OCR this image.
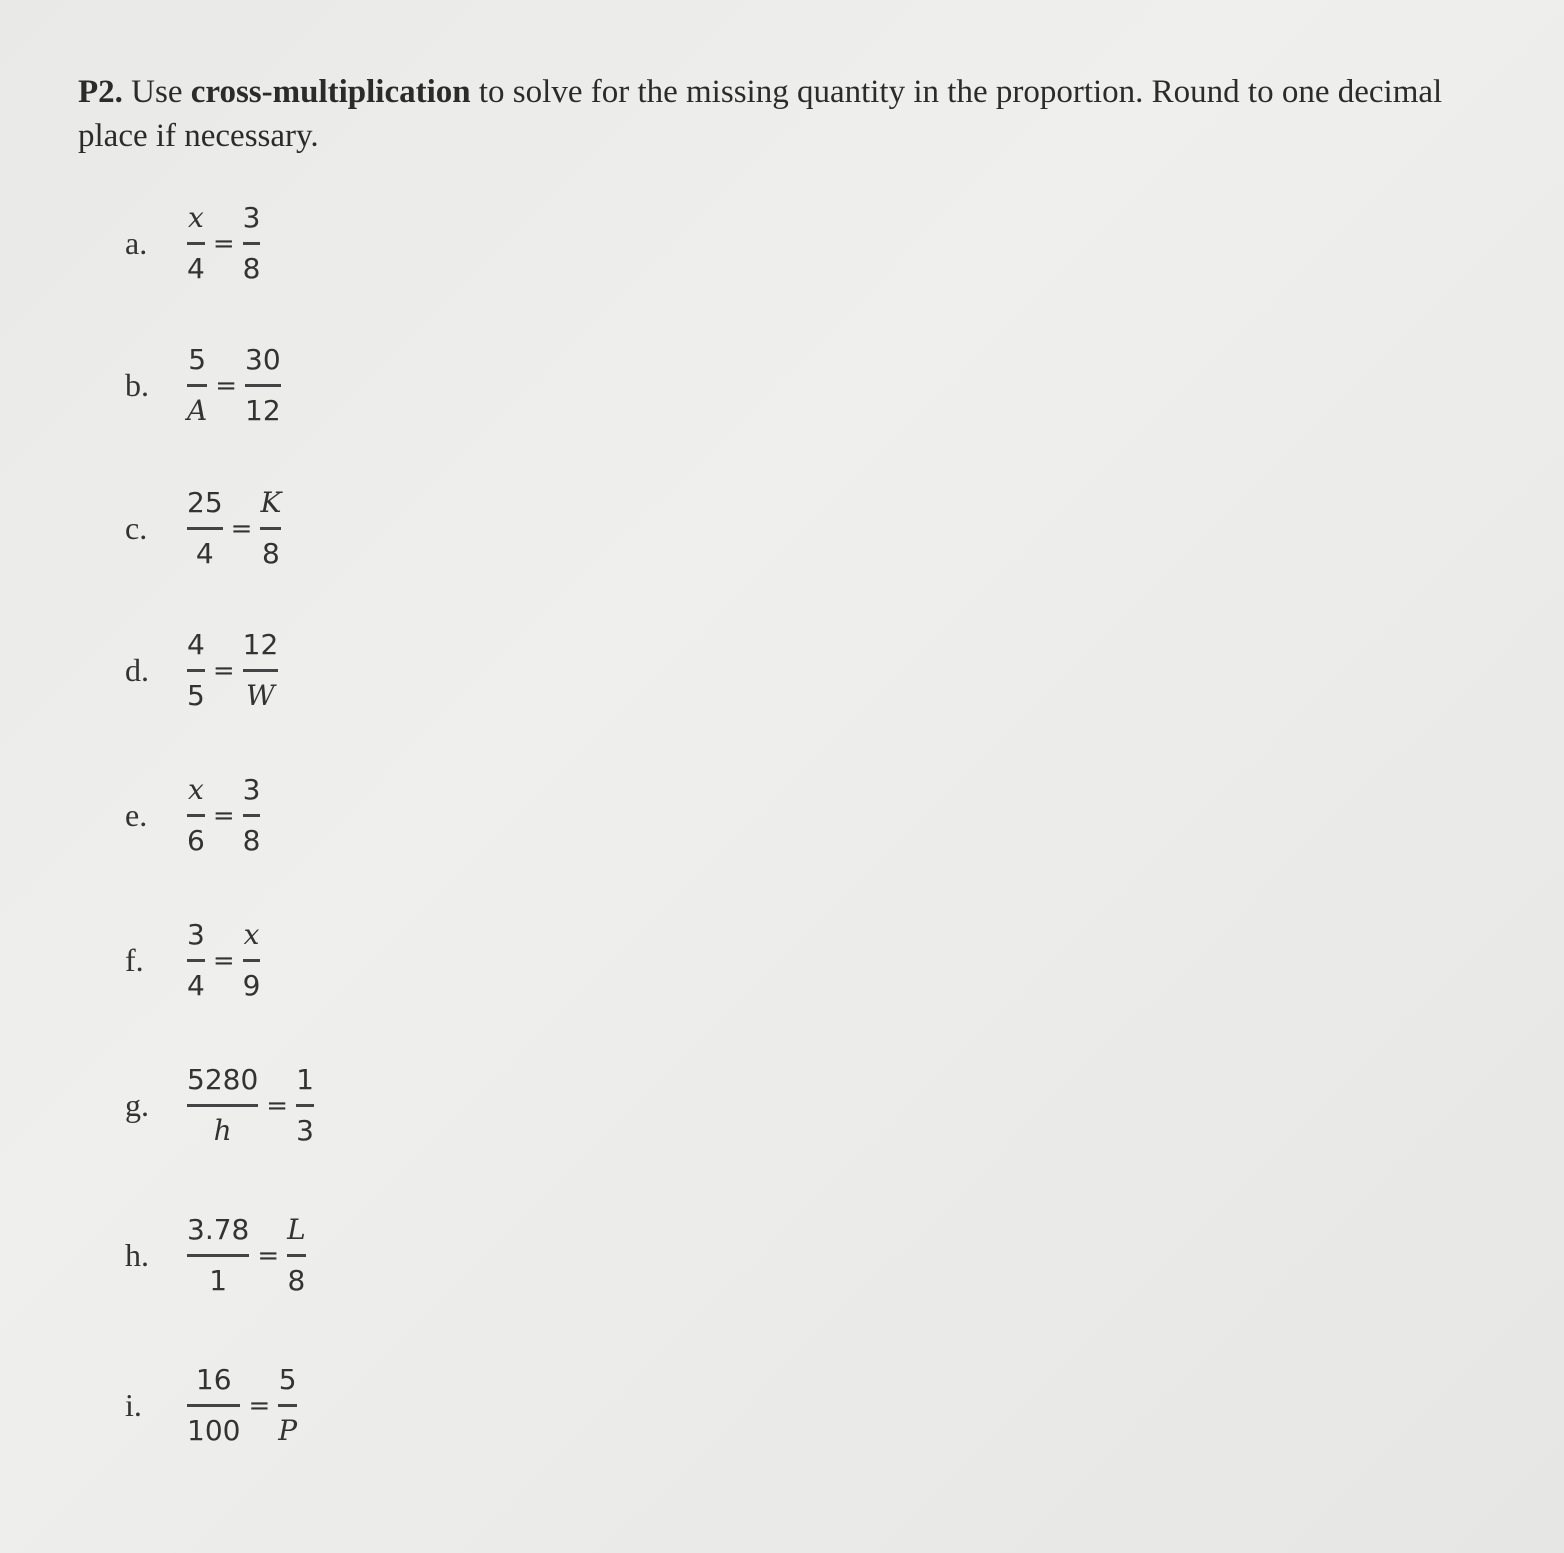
P2. Use cross-multiplication to solve for the missing quantity in the proportion. Round to one decimal place if necessary.
a.	$\frac{x}{4} = \frac{3}{8}$
b.	$\frac{5}{A} = \frac{30}{12}$
c.	$\frac{25}{4} = \frac{K}{8}$
d.	$\frac{4}{5} = \frac{12}{W}$
e.	$\frac{x}{6} = \frac{3}{8}$
f.	$\frac{3}{4} = \frac{x}{9}$
g.	$\frac{5280}{h} = \frac{1}{3}$
h.	$\frac{3.78}{1} = \frac{L}{8}$
i.	$\frac{16}{100} = \frac{5}{P}$
